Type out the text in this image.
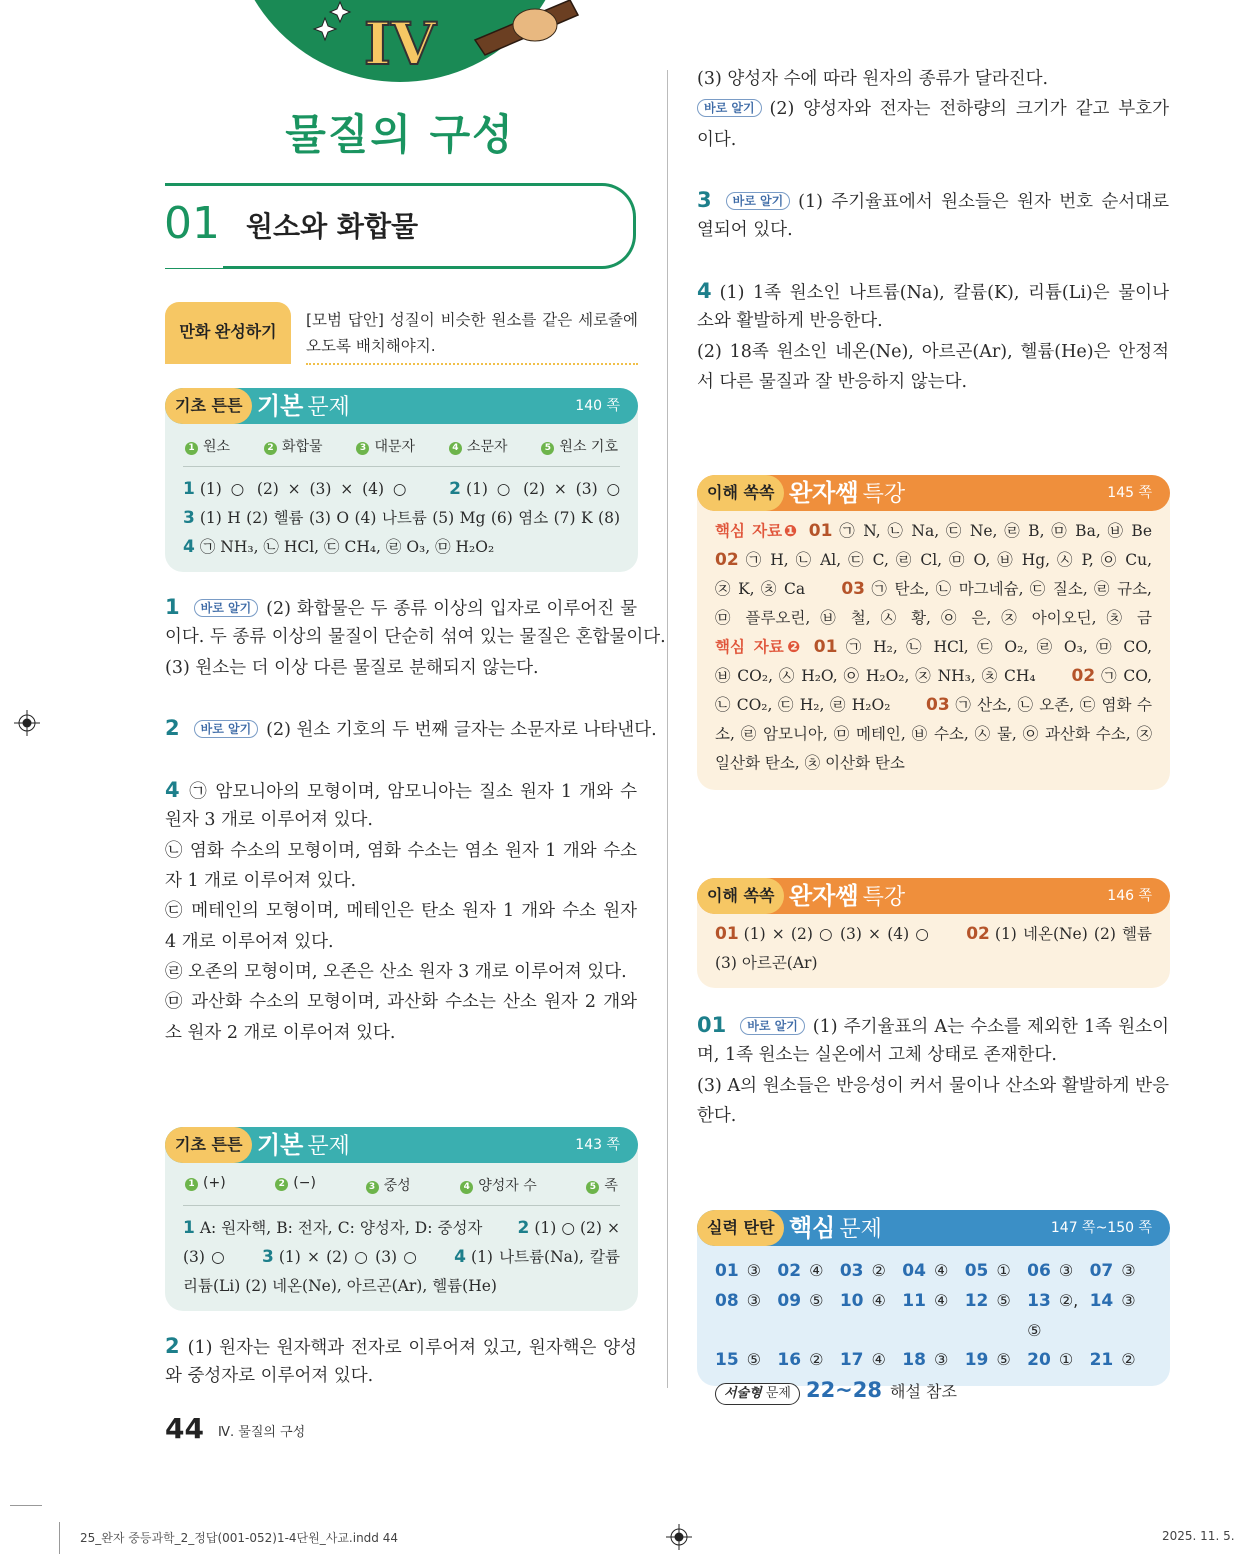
IV
물질의 구성
01 원소와 화합물
만화 완성하기
[모범 답안] 성질이 비슷한 원소를 같은 세로줄에
오도록 배치해야지.
기초 튼튼 기본 문제	140 쪽
1 원소	2 화합물	3 대문자	4 소문자	5 원소 기호
1 (1) ○ (2) × (3) × (4) ○ 2 (1) ○ (2) × (3) ○
3 (1) H (2) 헬륨 (3) O (4) 나트륨 (5) Mg (6) 염소 (7) K (8)
4 ㉠ NH₃, ㉡ HCl, ㉢ CH₄, ㉣ O₃, ㉤ H₂O₂
1 바로 알기 (2) 화합물은 두 종류 이상의 입자로 이루어진 물
이다. 두 종류 이상의 물질이 단순히 섞여 있는 물질은 혼합물이다.
(3) 원소는 더 이상 다른 물질로 분해되지 않는다.
2 바로 알기 (2) 원소 기호의 두 번째 글자는 소문자로 나타낸다.
4 ㉠ 암모니아의 모형이며, 암모니아는 질소 원자 1 개와 수
원자 3 개로 이루어져 있다.
㉡ 염화 수소의 모형이며, 염화 수소는 염소 원자 1 개와 수소
자 1 개로 이루어져 있다.
㉢ 메테인의 모형이며, 메테인은 탄소 원자 1 개와 수소 원자
4 개로 이루어져 있다.
㉣ 오존의 모형이며, 오존은 산소 원자 3 개로 이루어져 있다.
㉤ 과산화 수소의 모형이며, 과산화 수소는 산소 원자 2 개와
소 원자 2 개로 이루어져 있다.
기초 튼튼 기본 문제	143 쪽
1 (+)	2 (−)	3 중성	4 양성자 수	5 족
1 A: 원자핵, B: 전자, C: 양성자, D: 중성자 2 (1) ○ (2) ×
(3) ○ 3 (1) × (2) ○ (3) ○ 4 (1) 나트륨(Na), 칼륨
리튬(Li) (2) 네온(Ne), 아르곤(Ar), 헬륨(He)
2 (1) 원자는 원자핵과 전자로 이루어져 있고, 원자핵은 양성
와 중성자로 이루어져 있다.
(3) 양성자 수에 따라 원자의 종류가 달라진다.
바로 알기 (2) 양성자와 전자는 전하량의 크기가 같고 부호가
이다.
3 바로 알기 (1) 주기율표에서 원소들은 원자 번호 순서대로
열되어 있다.
4 (1) 1족 원소인 나트륨(Na), 칼륨(K), 리튬(Li)은 물이나
소와 활발하게 반응한다.
(2) 18족 원소인 네온(Ne), 아르곤(Ar), 헬륨(He)은 안정적
서 다른 물질과 잘 반응하지 않는다.
이해 쏙쏙 완자쌤 특강	145 쪽
핵심 자료❶ 01 ㉠ N, ㉡ Na, ㉢ Ne, ㉣ B, ㉤ Ba, ㉥ Be
02 ㉠ H, ㉡ Al, ㉢ C, ㉣ Cl, ㉤ O, ㉥ Hg, ㉦ P, ㉧ Cu,
㉨ K, ㉩ Ca 03 ㉠ 탄소, ㉡ 마그네슘, ㉢ 질소, ㉣ 규소,
㉤ 플루오린, ㉥ 철, ㉦ 황, ㉧ 은, ㉨ 아이오딘, ㉩ 금
핵심 자료❷ 01 ㉠ H₂, ㉡ HCl, ㉢ O₂, ㉣ O₃, ㉤ CO,
㉥ CO₂, ㉦ H₂O, ㉧ H₂O₂, ㉨ NH₃, ㉩ CH₄ 02 ㉠ CO,
㉡ CO₂, ㉢ H₂, ㉣ H₂O₂ 03 ㉠ 산소, ㉡ 오존, ㉢ 염화 수
소, ㉣ 암모니아, ㉤ 메테인, ㉥ 수소, ㉦ 물, ㉧ 과산화 수소, ㉨
일산화 탄소, ㉩ 이산화 탄소
이해 쏙쏙 완자쌤 특강	146 쪽
01 (1) × (2) ○ (3) × (4) ○ 02 (1) 네온(Ne) (2) 헬륨
(3) 아르곤(Ar)
01 바로 알기 (1) 주기율표의 A는 수소를 제외한 1족 원소이
며, 1족 원소는 실온에서 고체 상태로 존재한다.
(3) A의 원소들은 반응성이 커서 물이나 산소와 활발하게 반응
한다.
실력 탄탄 핵심 문제	147 쪽~150 쪽
01 ③ 02 ④ 03 ② 04 ④ 05 ① 06 ③ 07 ③
08 ③ 09 ⑤ 10 ④ 11 ④ 12 ⑤ 13 ②, ⑤
14 ③
15 ⑤ 16 ② 17 ④ 18 ③ 19 ⑤ 20 ① 21 ②
서술형 문제 22~28 해설 참조
44 Ⅳ. 물질의 구성
25_완자 중등과학_2_정답(001-052)1-4단원_사교.indd 44	2025. 11. 5.
